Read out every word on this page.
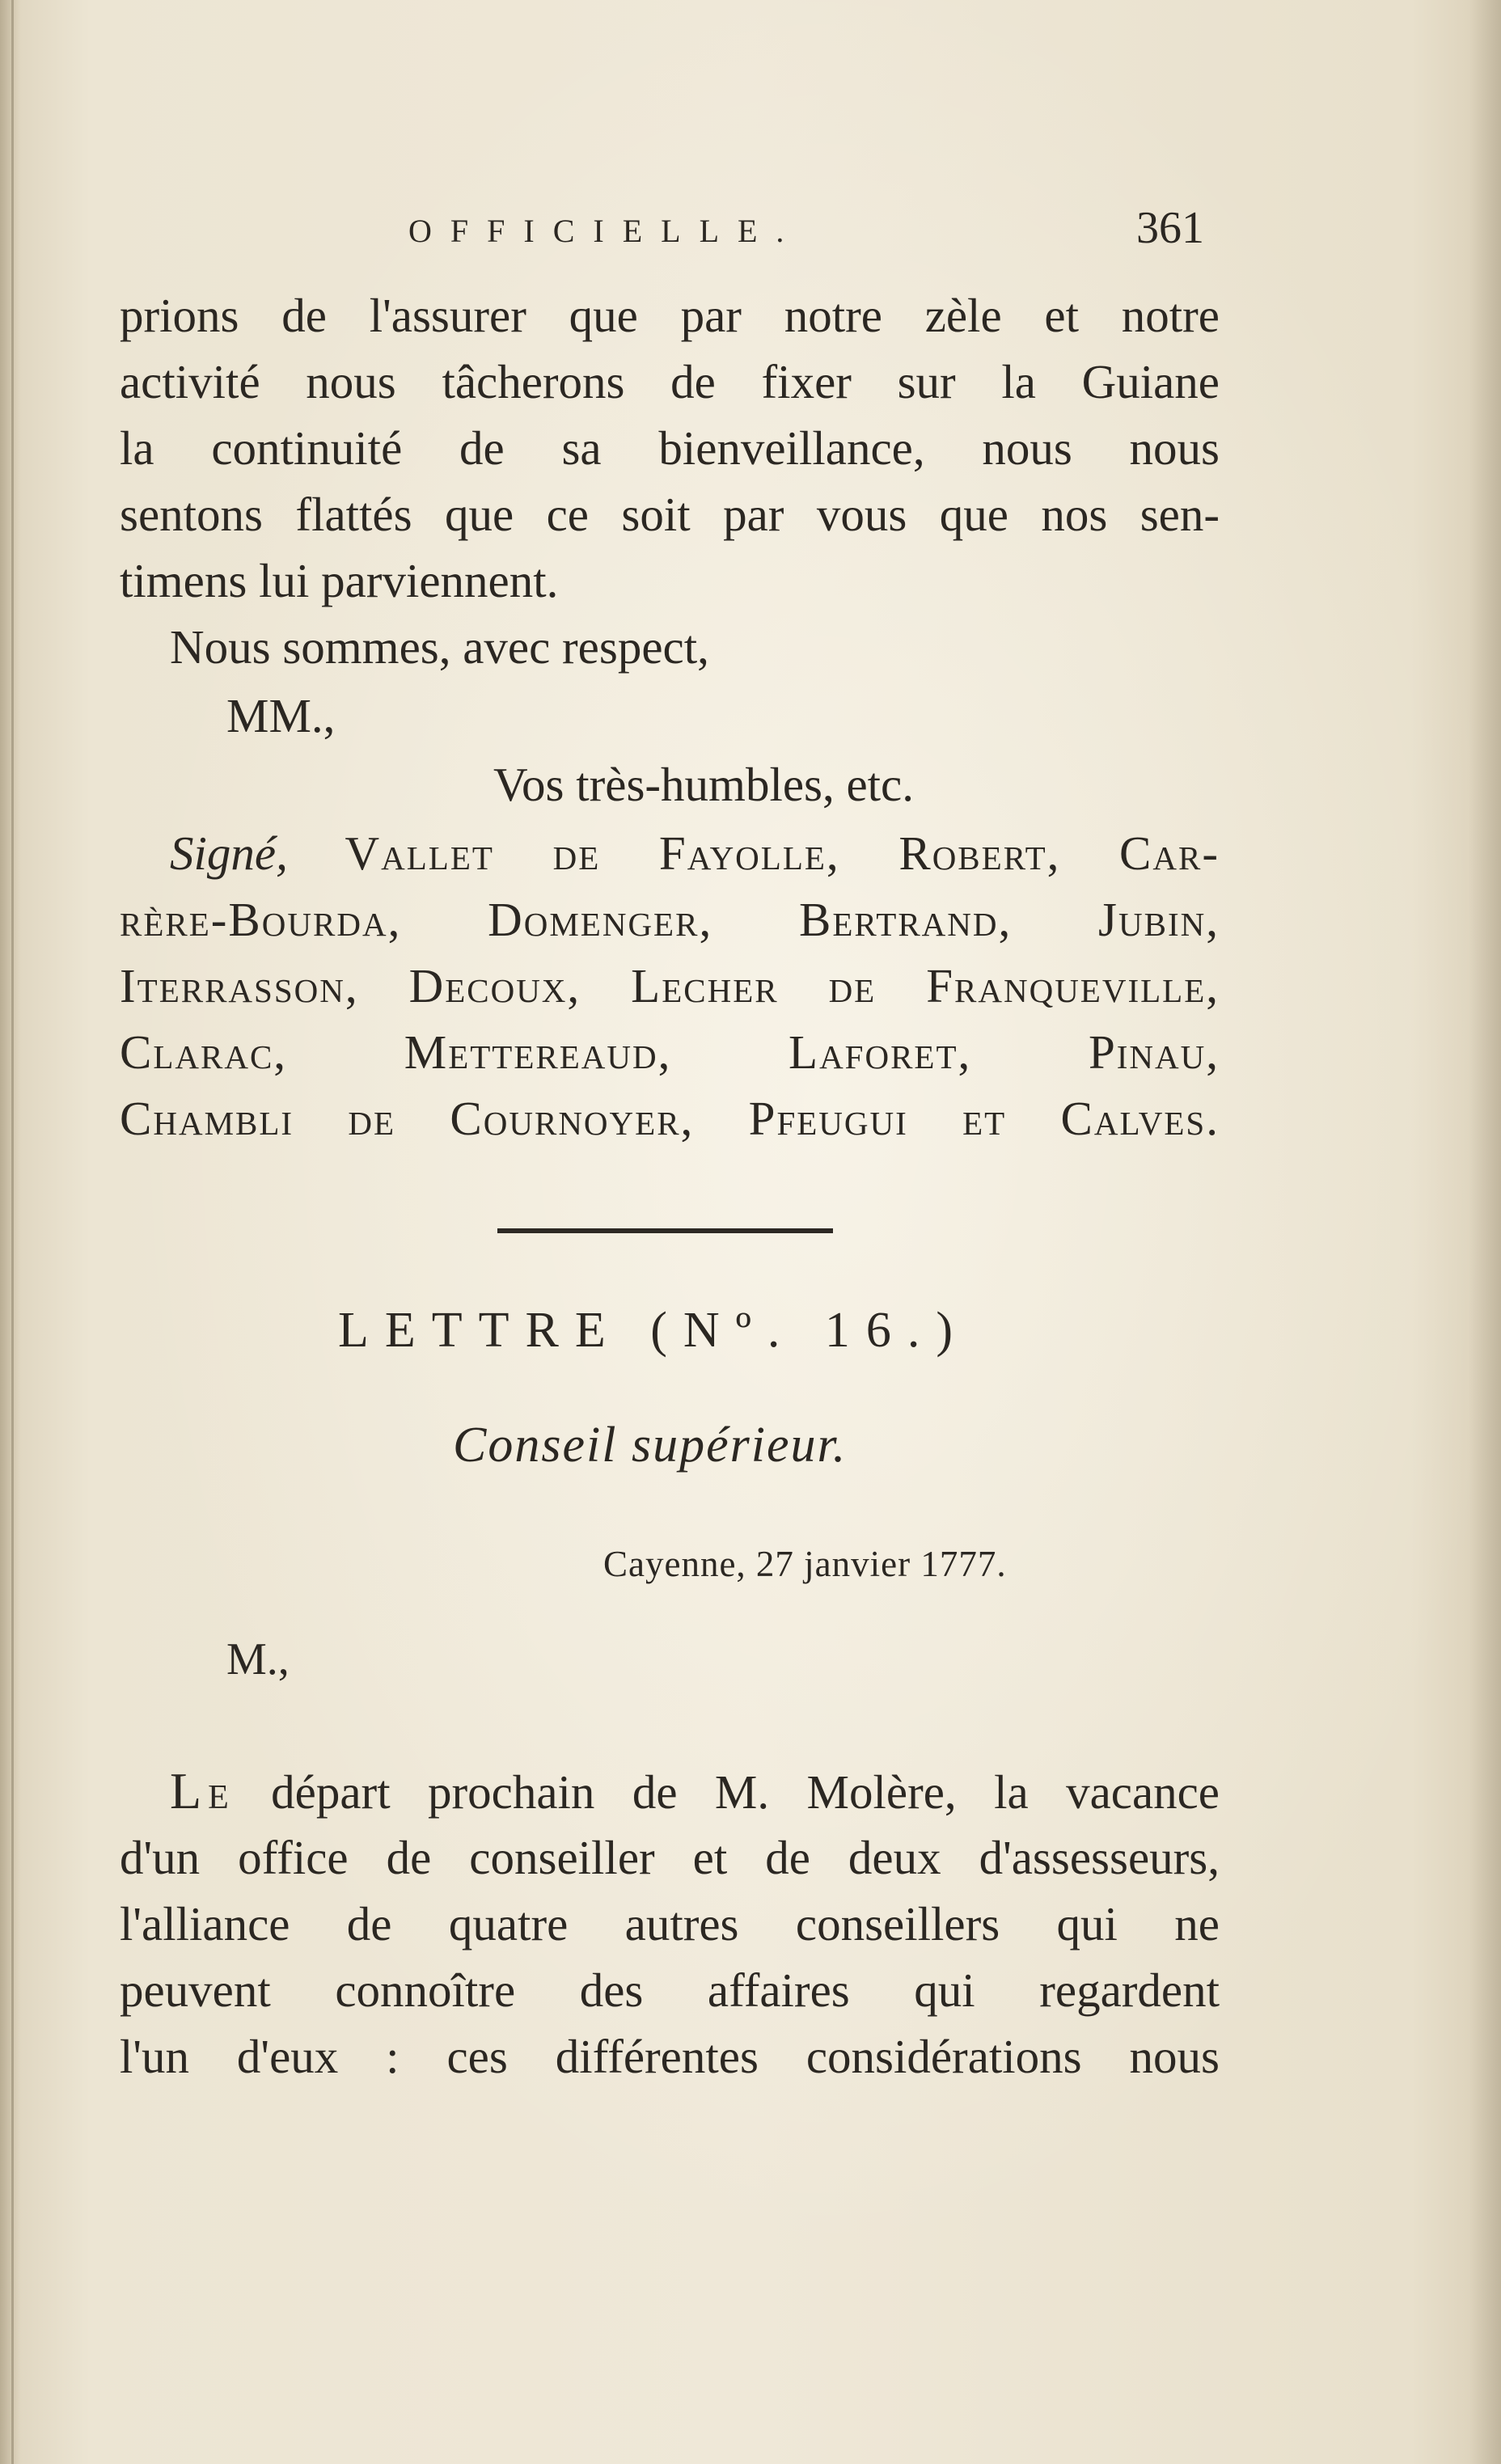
OFFICIELLE.	361
prions de l'assurer que par notre zèle et notre
activité nous tâcherons de fixer sur la Guiane
la continuité de sa bienveillance, nous nous
sentons flattés que ce soit par vous que nos sen-
timens lui parviennent.
Nous sommes, avec respect,
MM.,
Vos très-humbles, etc.
Signé, Vallet de Fayolle, Robert, Car-
rère-Bourda, Domenger, Bertrand, Jubin,
Iterrasson, Decoux, Lecher de Franqueville,
Clarac, Mettereaud, Laforet, Pinau,
Chambli de Cournoyer, Pfeugui et Calves.
LETTRE (Nº. 16.)
Conseil supérieur.
Cayenne, 27 janvier 1777.
M.,
LE départ prochain de M. Molère, la vacance
d'un office de conseiller et de deux d'assesseurs,
l'alliance de quatre autres conseillers qui ne
peuvent connoître des affaires qui regardent
l'un d'eux : ces différentes considérations nous
